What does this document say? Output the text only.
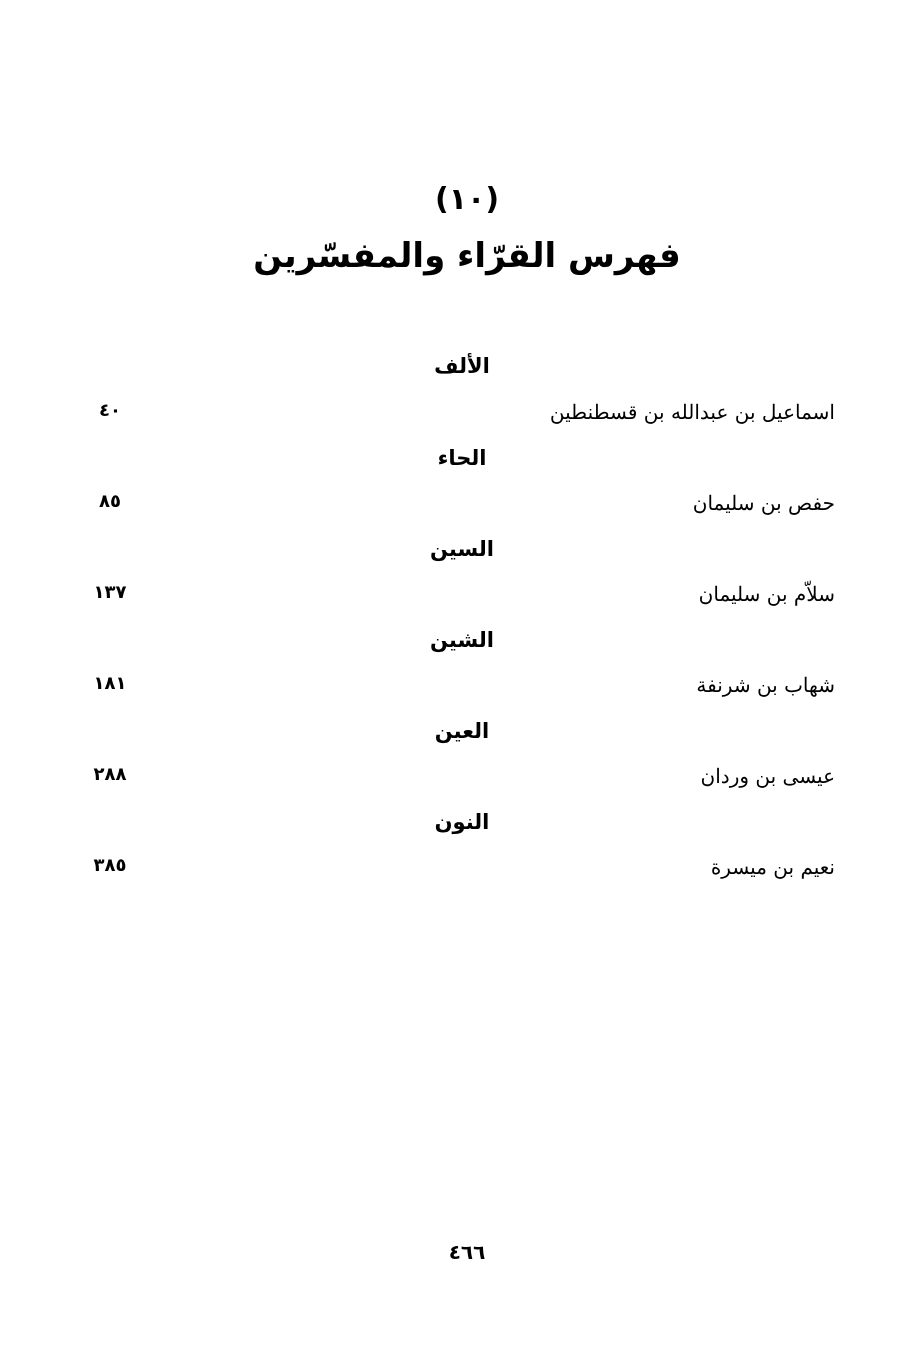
(١٠)
فهرس القرّاء والمفسّرين
الألف
اسماعيل بن عبدالله بن قسطنطين
٤٠
الحاء
حفص بن سليمان
٨٥
السين
سلاّم بن سليمان
١٣٧
الشين
شهاب بن شرنفة
١٨١
العين
عيسى بن وردان
٢٨٨
النون
نعيم بن ميسرة
٣٨٥
٤٦٦
